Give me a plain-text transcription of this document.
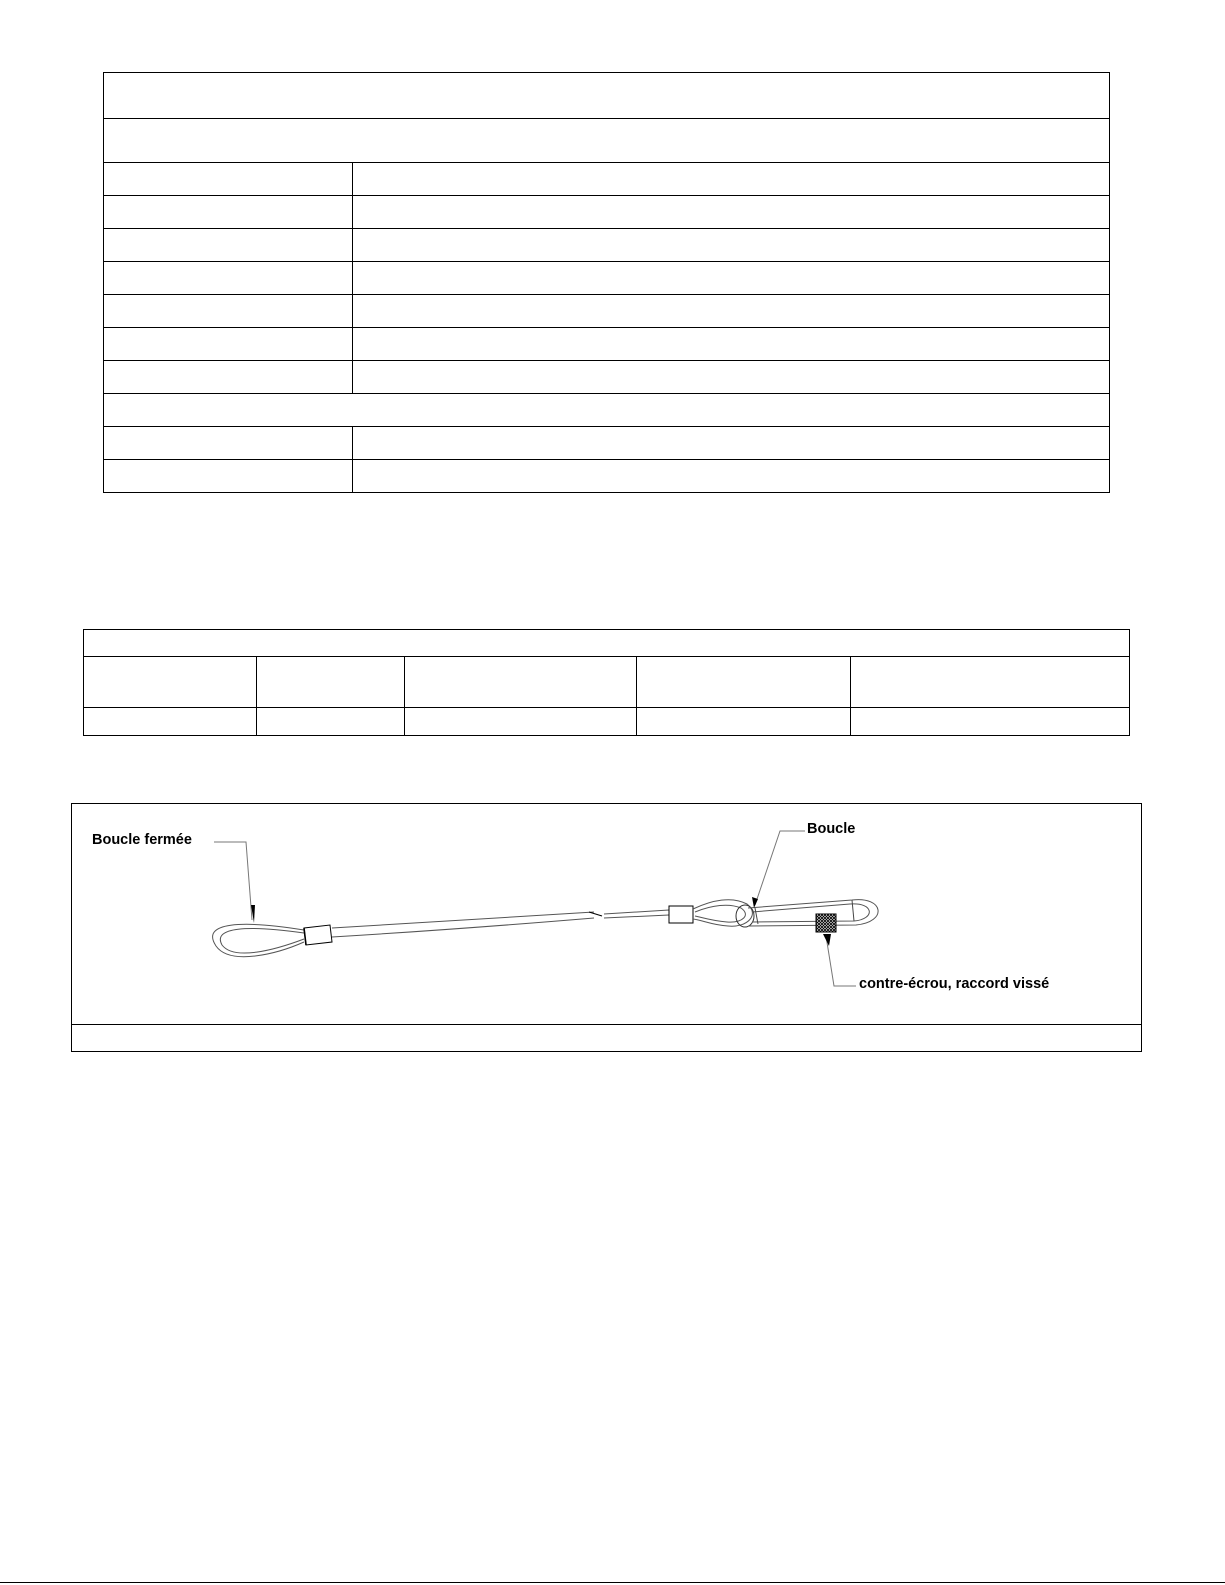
Boucle fermée
Boucle
contre-écrou, raccord vissé
